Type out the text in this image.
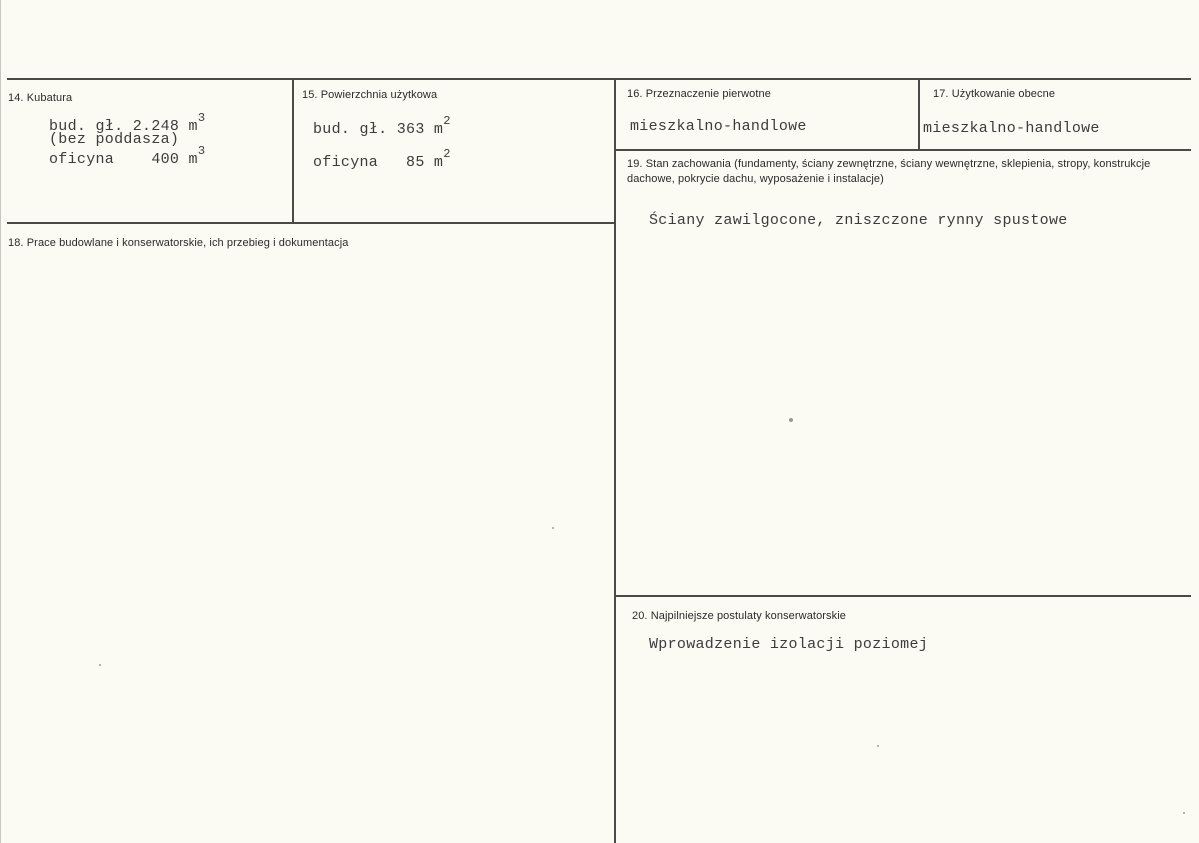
14. Kubatura
bud. gł. 2.248 $m^3$
(bez poddasza)
oficyna    400 $m^3$
15. Powierzchnia użytkowa
bud. gł. 363 $m^2$
oficyna   85 $m^2$
16. Przeznaczenie pierwotne
mieszkalno-handlowe
17. Użytkowanie obecne
mieszkalno-handlowe
18. Prace budowlane i konserwatorskie, ich przebieg i dokumentacja
19. Stan zachowania (fundamenty, ściany zewnętrzne, ściany wewnętrzne, sklepienia, stropy, konstrukcje dachowe, pokrycie dachu, wyposażenie i instalacje)
Ściany zawilgocone, zniszczone rynny spustowe
20. Najpilniejsze postulaty konserwatorskie
Wprowadzenie izolacji poziomej
